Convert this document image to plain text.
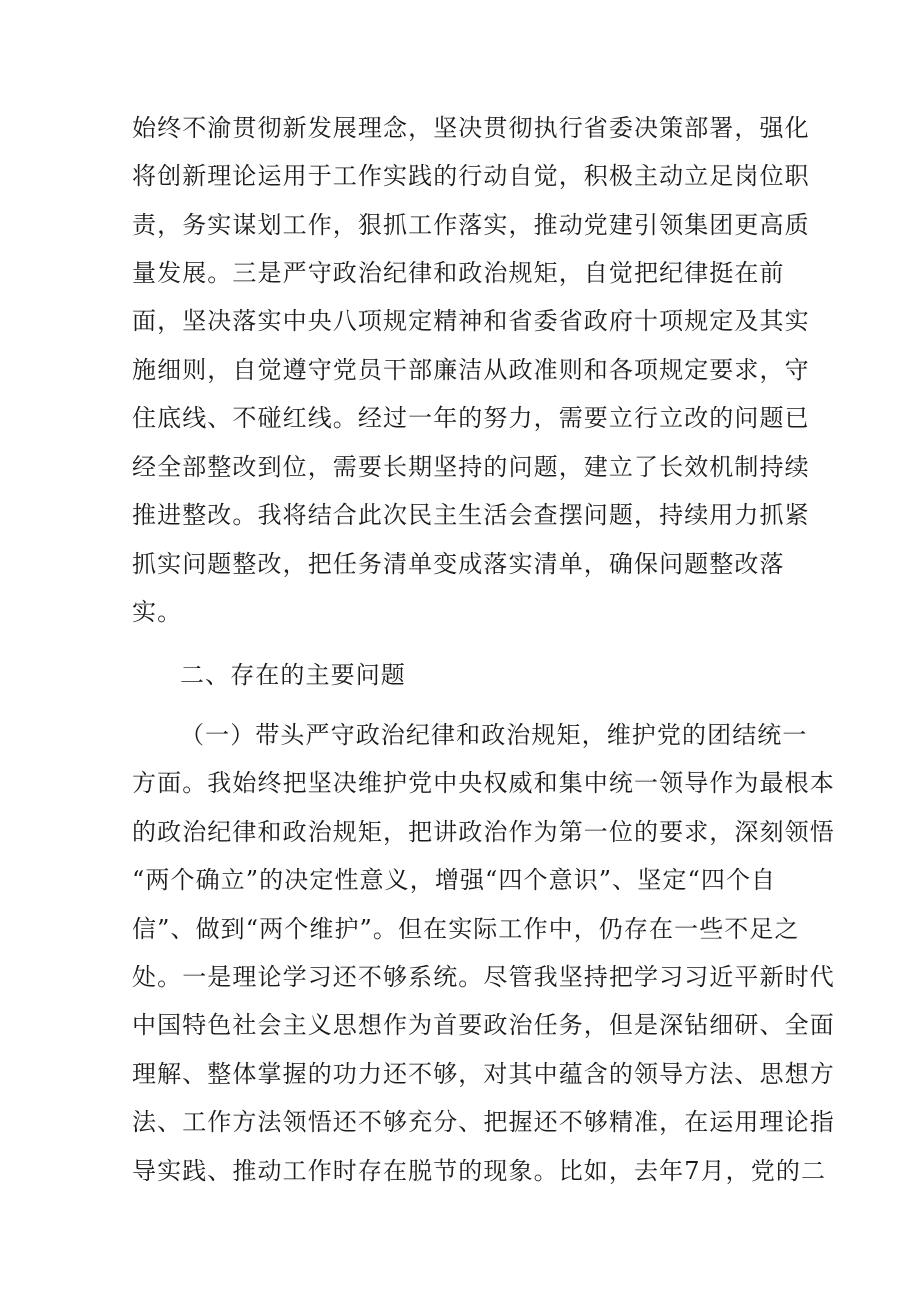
始终不渝贯彻新发展理念，坚决贯彻执行省委决策部署，强化

将创新理论运用于工作实践的行动自觉，积极主动立足岗位职

责，务实谋划工作，狠抓工作落实，推动党建引领集团更高质

量发展。三是严守政治纪律和政治规矩，自觉把纪律挺在前

面，坚决落实中央八项规定精神和省委省政府十项规定及其实

施细则，自觉遵守党员干部廉洁从政准则和各项规定要求，守

住底线、不碰红线。经过一年的努力，需要立行立改的问题已

经全部整改到位，需要长期坚持的问题，建立了长效机制持续

推进整改。我将结合此次民主生活会查摆问题，持续用力抓紧

抓实问题整改，把任务清单变成落实清单，确保问题整改落

实。

二、存在的主要问题

（一）带头严守政治纪律和政治规矩，维护党的团结统一

方面。我始终把坚决维护党中央权威和集中统一领导作为最根本

的政治纪律和政治规矩，把讲政治作为第一位的要求，深刻领悟

“两个确立”的决定性意义，增强“四个意识”、坚定“四个自

信”、做到“两个维护”。但在实际工作中，仍存在一些不足之

处。一是理论学习还不够系统。尽管我坚持把学习习近平新时代

中国特色社会主义思想作为首要政治任务，但是深钻细研、全面

理解、整体掌握的功力还不够，对其中蕴含的领导方法、思想方

法、工作方法领悟还不够充分、把握还不够精准，在运用理论指

导实践、推动工作时存在脱节的现象。比如，去年7月，党的二
